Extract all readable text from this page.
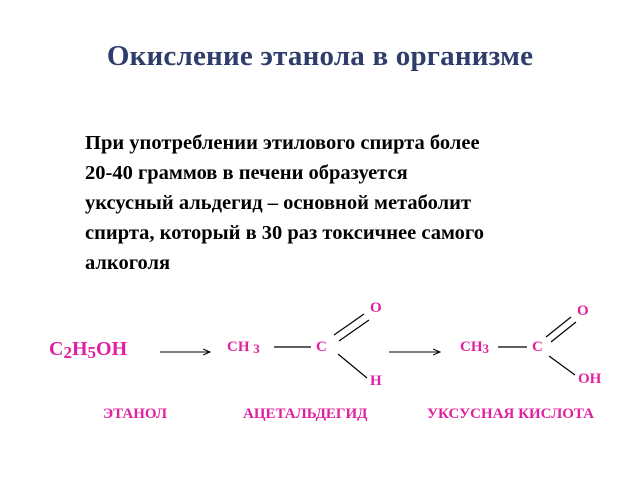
Окисление этанола в организме
При употреблении этилового спирта более
20-40 граммов в печени образуется
уксусный альдегид – основной метаболит
спирта, который в 30 раз токсичнее самого
алкоголя
$C_2H_5OH$	CH $_3$	C
O
H
$CH_3$	C
O
OH
ЭТАНОЛ	АЦЕТАЛЬДЕГИД	УКСУСНАЯ КИСЛОТА
